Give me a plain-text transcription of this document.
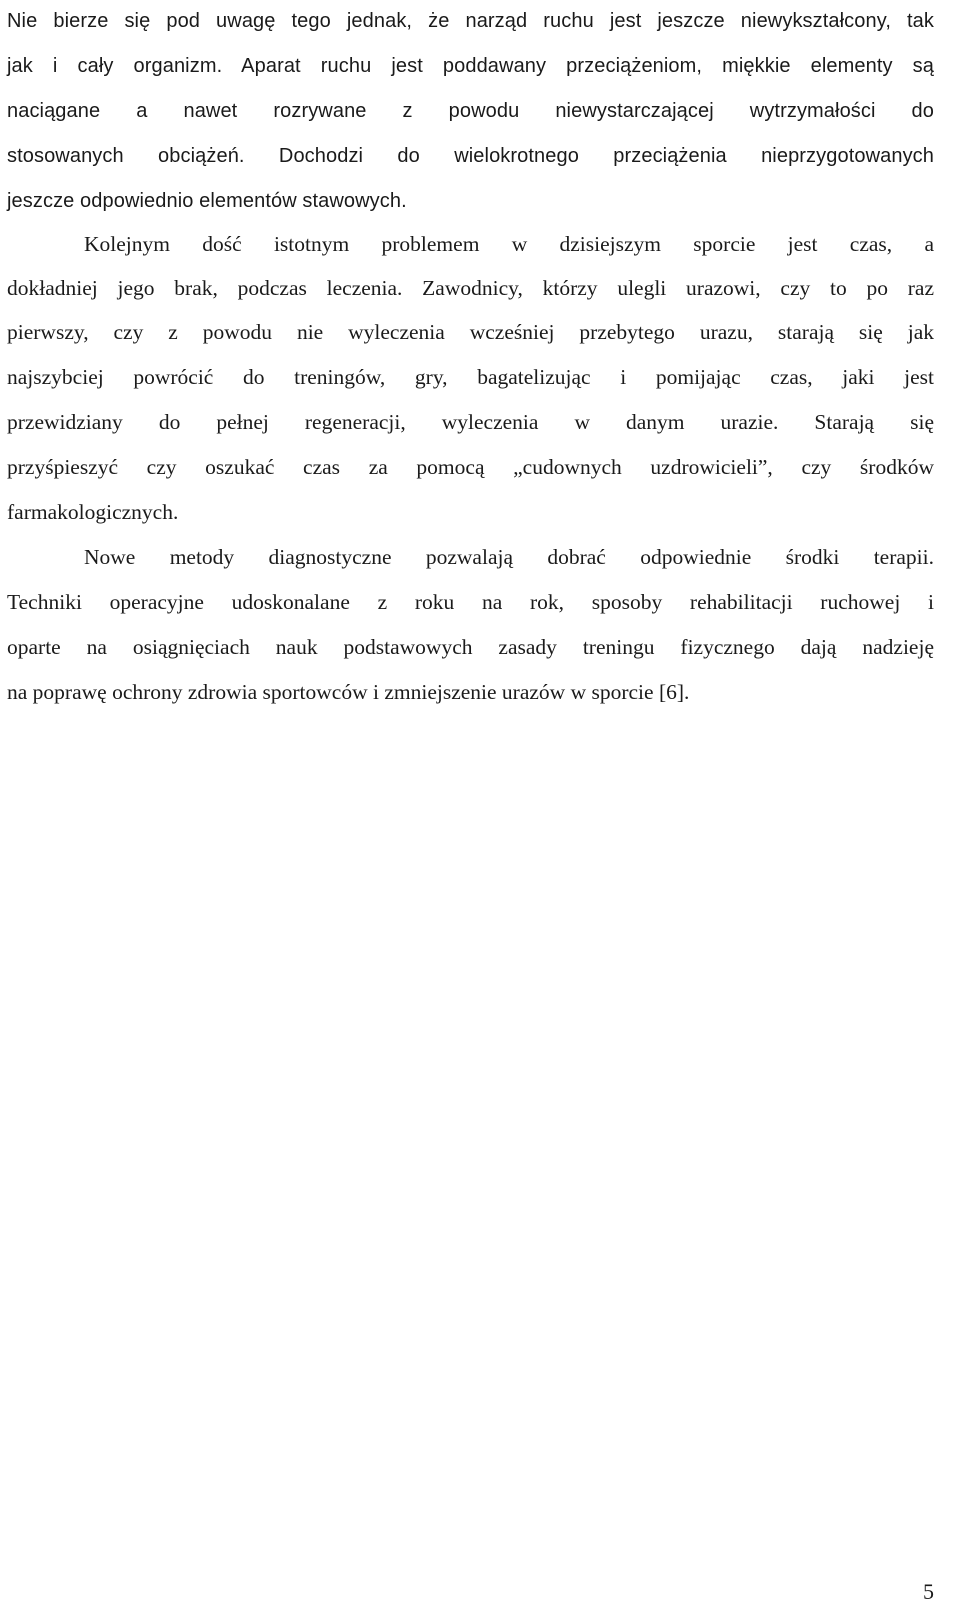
Nie bierze się pod uwagę tego jednak, że narząd ruchu jest jeszcze niewykształcony, tak
jak i cały organizm. Aparat ruchu jest poddawany przeciążeniom, miękkie elementy są
naciągane a nawet rozrywane z powodu niewystarczającej wytrzymałości do
stosowanych obciążeń. Dochodzi do wielokrotnego przeciążenia nieprzygotowanych
jeszcze odpowiednio elementów stawowych.
Kolejnym dość istotnym problemem w dzisiejszym sporcie jest czas, a
dokładniej jego brak, podczas leczenia. Zawodnicy, którzy ulegli urazowi, czy to po raz
pierwszy, czy z powodu nie wyleczenia wcześniej przebytego urazu, starają się jak
najszybciej powrócić do treningów, gry, bagatelizując i pomijając czas, jaki jest
przewidziany do pełnej regeneracji, wyleczenia w danym urazie. Starają się
przyśpieszyć czy oszukać czas za pomocą „cudownych uzdrowicieli”, czy środków
farmakologicznych.
Nowe metody diagnostyczne pozwalają dobrać odpowiednie środki terapii.
Techniki operacyjne udoskonalane z roku na rok, sposoby rehabilitacji ruchowej i
oparte na osiągnięciach nauk podstawowych zasady treningu fizycznego dają nadzieję
na poprawę ochrony zdrowia sportowców i zmniejszenie urazów w sporcie [6].
5
